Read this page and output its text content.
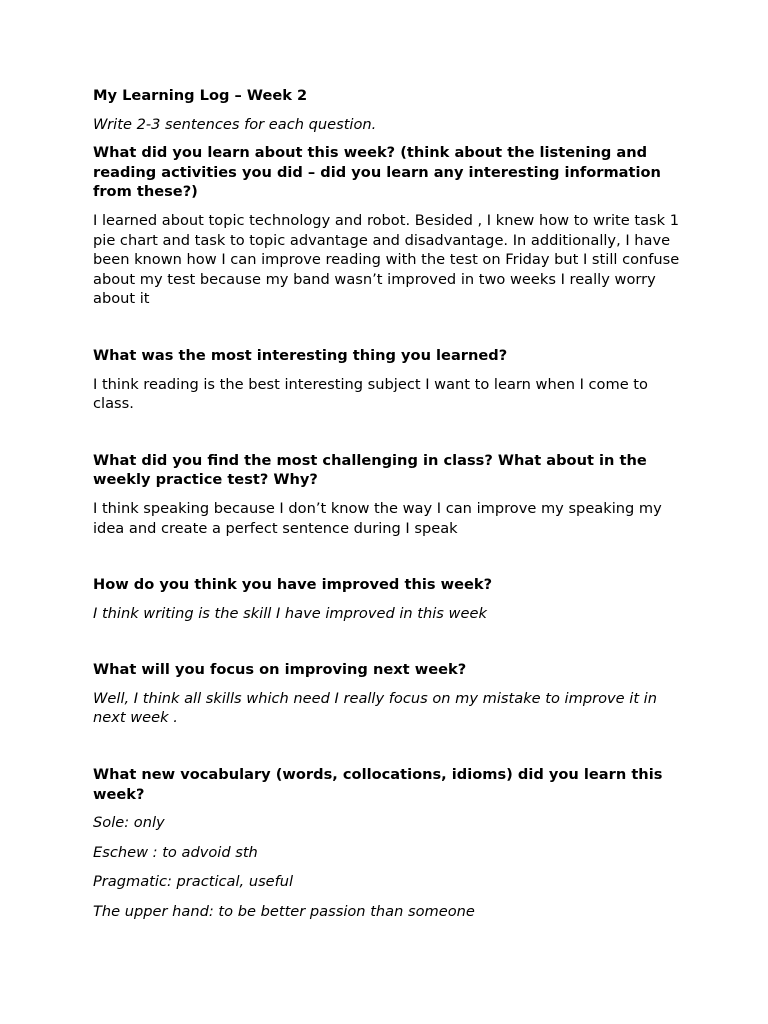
My Learning Log – Week 2

Write 2-3 sentences for each question.

What did you learn about this week? (think about the listening and reading activities you did – did you learn any interesting information from these?)

I learned about topic technology and robot. Besided , I knew how to write task 1 pie chart and task to topic advantage and disadvantage. In additionally, I have been known how I can improve reading with the test on Friday but I still confuse about my test because my band wasn’t improved in two weeks I really worry about it

What was the most interesting thing you learned?

I think reading is the best interesting subject I want to learn when I come to class.

What did you find the most challenging in class? What about in the weekly practice test? Why?

I think speaking because I don’t know the way I can improve my speaking my idea and create a perfect sentence during I speak

How do you think you have improved this week?

I think writing is the skill I have improved in this week

What will you focus on improving next week?

Well, I think all skills which need I really focus on my mistake to improve it in next week .

What new vocabulary (words, collocations, idioms) did you learn this week?

Sole: only

Eschew : to advoid sth

Pragmatic: practical, useful

The upper hand: to be better passion than someone
